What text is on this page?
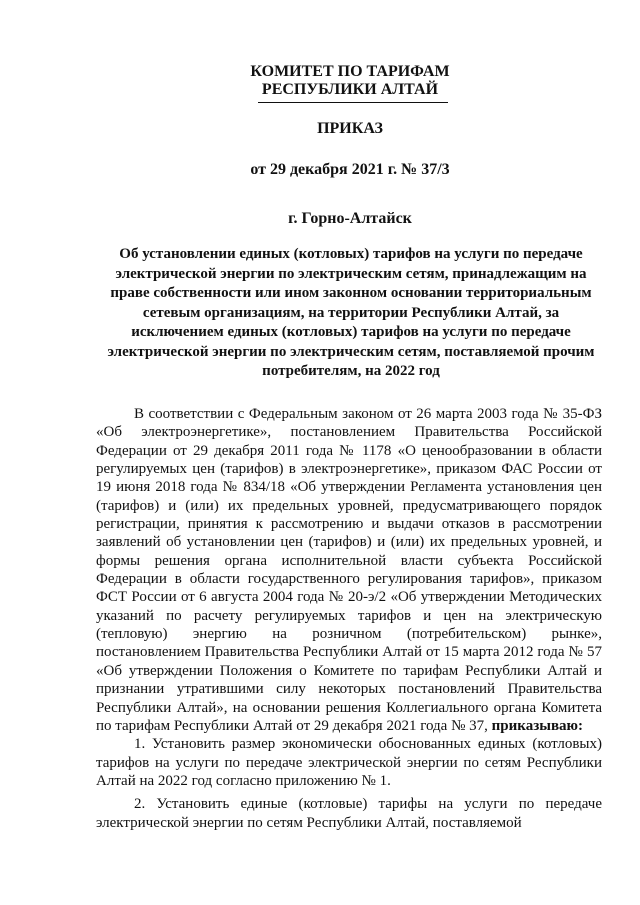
КОМИТЕТ ПО ТАРИФАМ

РЕСПУБЛИКИ АЛТАЙ

ПРИКАЗ

от 29 декабря 2021 г. № 37/3

г. Горно-Алтайск

Об установлении единых (котловых) тарифов на услуги по передаче электрической энергии по электрическим сетям, принадлежащим на праве собственности или ином законном основании территориальным сетевым организациям, на территории Республики Алтай, за исключением единых (котловых) тарифов на услуги по передаче электрической энергии по электрическим сетям, поставляемой прочим потребителям, на 2022 год

В соответствии с Федеральным законом от 26 марта 2003 года № 35-ФЗ «Об электроэнергетике», постановлением Правительства Российской Федерации от 29 декабря 2011 года № 1178 «О ценообразовании в области регулируемых цен (тарифов) в электроэнергетике», приказом ФАС России от 19 июня 2018 года № 834/18 «Об утверждении Регламента установления цен (тарифов) и (или) их предельных уровней, предусматривающего порядок регистрации, принятия к рассмотрению и выдачи отказов в рассмотрении заявлений об установлении цен (тарифов) и (или) их предельных уровней, и формы решения органа исполнительной власти субъекта Российской Федерации в области государственного регулирования тарифов», приказом ФСТ России от 6 августа 2004 года № 20-э/2 «Об утверждении Методических указаний по расчету регулируемых тарифов и цен на электрическую (тепловую) энергию на розничном (потребительском) рынке», постановлением Правительства Республики Алтай от 15 марта 2012 года № 57 «Об утверждении Положения о Комитете по тарифам Республики Алтай и признании утратившими силу некоторых постановлений Правительства Республики Алтай», на основании решения Коллегиального органа Комитета по тарифам Республики Алтай от 29 декабря 2021 года № 37, приказываю:

1. Установить размер экономически обоснованных единых (котловых) тарифов на услуги по передаче электрической энергии по сетям Республики Алтай на 2022 год согласно приложению № 1.

2. Установить единые (котловые) тарифы на услуги по передаче электрической энергии по сетям Республики Алтай, поставляемой
